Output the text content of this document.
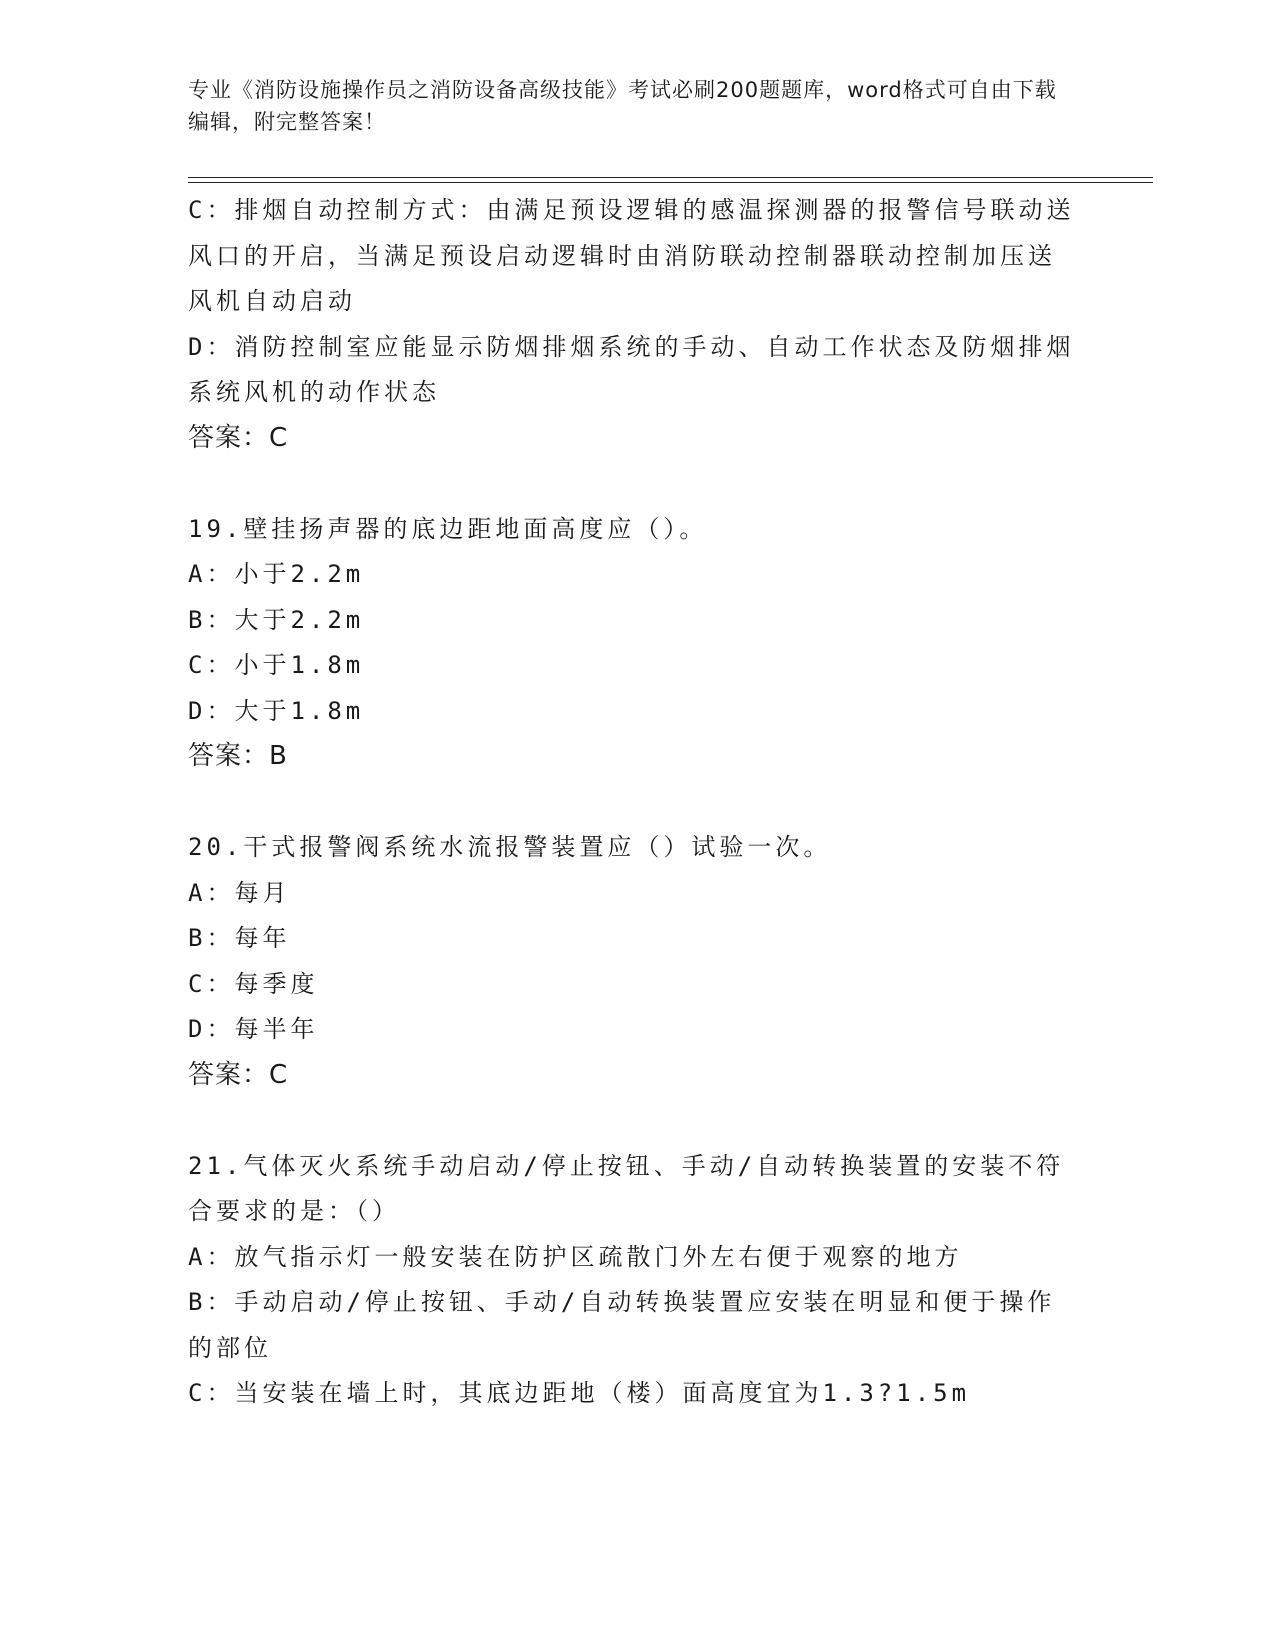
专业《消防设施操作员之消防设备高级技能》考试必刷200题题库，word格式可自由下载编辑，附完整答案！
C：排烟自动控制方式：由满足预设逻辑的感温探测器的报警信号联动送风口的开启，当满足预设启动逻辑时由消防联动控制器联动控制加压送风机自动启动
D：消防控制室应能显示防烟排烟系统的手动、自动工作状态及防烟排烟系统风机的动作状态
答案：C
19.壁挂扬声器的底边距地面高度应（）。
A：小于2.2m
B：大于2.2m
C：小于1.8m
D：大于1.8m
答案：B
20.干式报警阀系统水流报警装置应（）试验一次。
A：每月
B：每年
C：每季度
D：每半年
答案：C
21.气体灭火系统手动启动/停止按钮、手动/自动转换装置的安装不符合要求的是：（）
A：放气指示灯一般安装在防护区疏散门外左右便于观察的地方
B：手动启动/停止按钮、手动/自动转换装置应安装在明显和便于操作的部位
C：当安装在墙上时，其底边距地（楼）面高度宜为1.3?1.5m
